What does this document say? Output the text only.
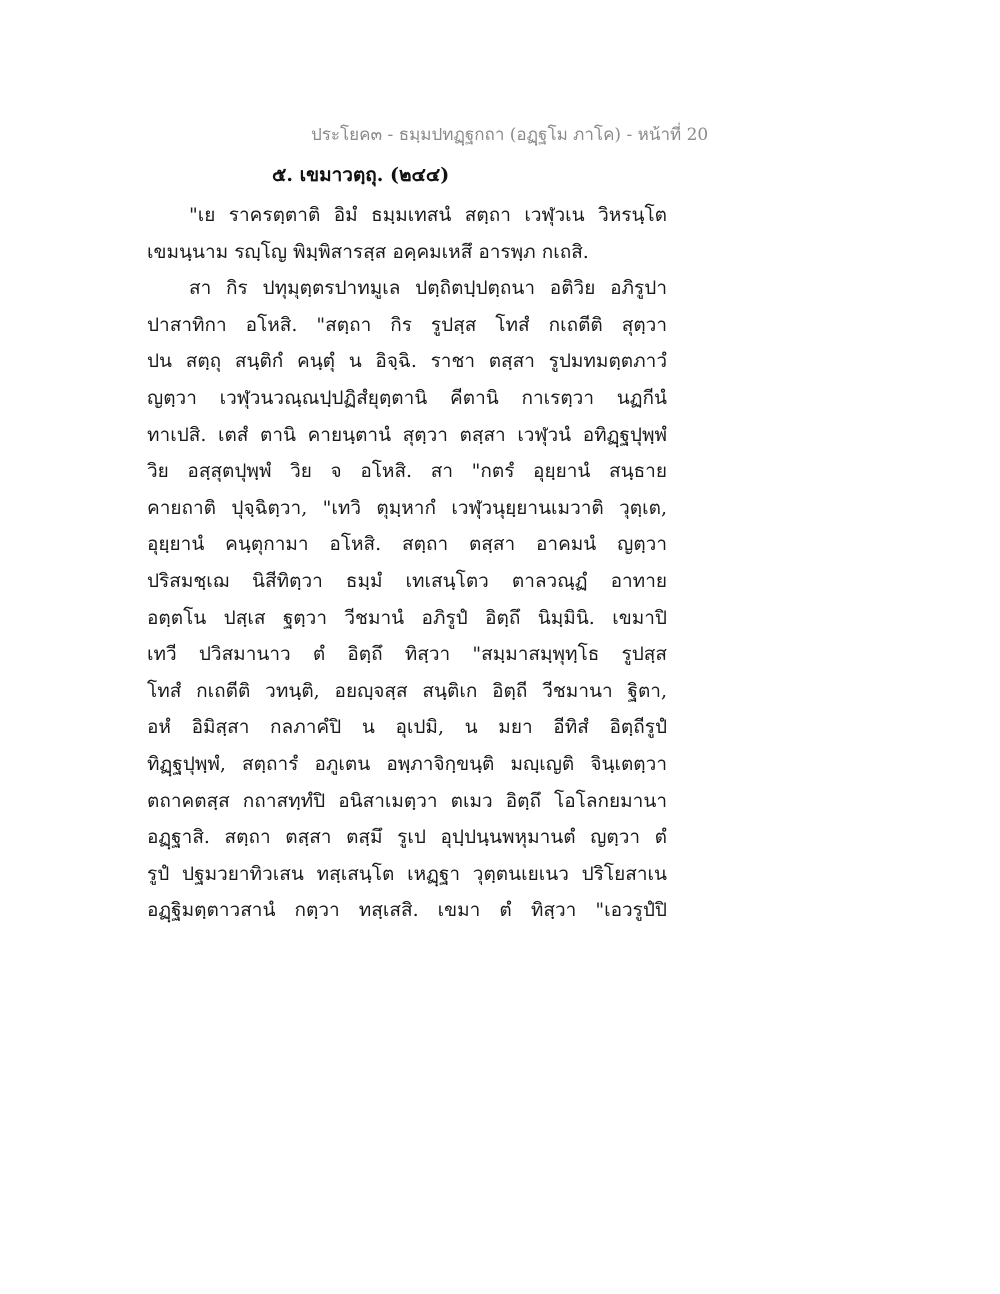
ประโยค๓ - ธมฺมปทฏฺฐกถา (อฏฺฐโม ภาโค) - หน้าที่ 20
๕. เขมาวตฺถุ. (๒๔๔)
"เย ราครตฺตาติ อิมํ ธมฺมเทสนํ สตฺถา เวฬุวเน วิหรนฺโต
เขมนฺนาม รญฺโญ พิมฺพิสารสฺส อคฺคมเหสึ อารพฺภ กเถสิ.
สา กิร ปทุมุตฺตรปาทมูเล ปตฺถิตปฺปตฺถนา อติวิย อภิรูปา
ปาสาทิกา อโหสิ. "สตฺถา กิร รูปสฺส โทสํ กเถตีติ สุตฺวา
ปน สตฺถุ สนฺติกํ คนฺตุํ น อิจฺฉิ. ราชา ตสฺสา รูปมทมตฺตภาวํ
ญตฺวา เวฬุวนวณฺณปฺปฏิสํยุตฺตานิ คีตานิ กาเรตฺวา นฏกีนํ
ทาเปสิ. เตสํ ตานิ คายนฺตานํ สุตฺวา ตสฺสา เวฬุวนํ อทิฏฺฐปุพฺพํ
วิย อสฺสุตปุพฺพํ วิย จ อโหสิ. สา "กตรํ อุยฺยานํ สนฺธาย
คายถาติ ปุจฺฉิตฺวา, "เทวิ ตุมฺหากํ เวฬุวนุยฺยานเมวาติ วุตฺเต,
อุยฺยานํ คนฺตุกามา อโหสิ. สตฺถา ตสฺสา อาคมนํ ญตฺวา
ปริสมชฺเฌ นิสีทิตฺวา ธมฺมํ เทเสนฺโตว ตาลวณฺฏํ อาทาย
อตฺตโน ปสฺเส ฐตฺวา วีชมานํ อภิรูปํ อิตฺถึ นิมฺมินิ. เขมาปิ
เทวี ปวิสมานาว ตํ อิตฺถึ ทิสฺวา "สมฺมาสมฺพุทฺโธ รูปสฺส
โทสํ กเถตีติ วทนฺติ, อยญฺจสฺส สนฺติเก อิตฺถี วีชมานา ฐิตา,
อหํ อิมิสฺสา กลภาคํปิ น อุเปมิ, น มยา อีทิสํ อิตฺถีรูปํ
ทิฏฺฐปุพฺพํ, สตฺถารํ อภูเตน อพฺภาจิกฺขนฺติ มญฺเญติ จินฺเตตฺวา
ตถาคตสฺส กถาสทฺทํปิ อนิสาเมตฺวา ตเมว อิตฺถึ โอโลกยมานา
อฏฺฐาสิ. สตฺถา ตสฺสา ตสฺมึ รูเป อุปฺปนฺนพหุมานตํ ญตฺวา ตํ
รูปํ ปฐมวยาทิวเสน ทสฺเสนฺโต เหฏฺฐา วุตฺตนเยเนว ปริโยสาเน
อฏฺฐิมตฺตาวสานํ กตฺวา ทสฺเสสิ. เขมา ตํ ทิสฺวา "เอวรูปํปิ
